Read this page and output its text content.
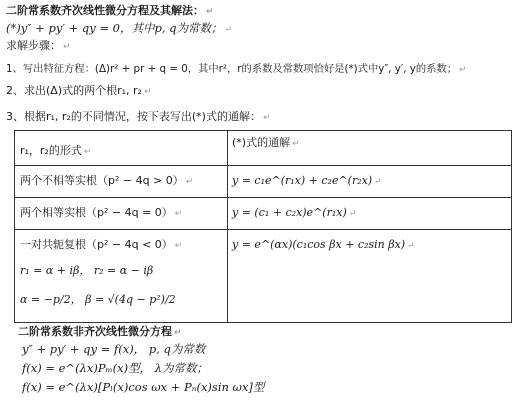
二阶常系数齐次线性微分方程及其解法： ↵
(*)y″ + py′ + qy = 0，其中p, q为常数； ↵
求解步骤： ↵
1、写出特征方程：(Δ)r² + pr + q = 0，其中r²，r的系数及常数项恰好是(*)式中y″, y′, y的系数； ↵
2、求出(Δ)式的两个根r₁, r₂ ↵
3、根据r₁, r₂的不同情况，按下表写出(*)式的通解： ↵
r₁，r₂的形式 ↵
(*)式的通解 ↵
两个不相等实根（p² − 4q > 0） ↵	y = c₁e^(r₁x) + c₂e^(r₂x) ↵
两个相等实根（p² − 4q = 0） ↵	y = (c₁ + c₂x)e^(r₁x) ↵
一对共轭复根（p² − 4q < 0） ↵
r₁ = α + iβ， r₂ = α − iβ
α = −p/2， β = √(4q − p²)/2
y = e^(αx)(c₁cos βx + c₂sin βx) ↵
二阶常系数非齐次线性微分方程 ↵
y″ + py′ + qy = f(x)， p, q为常数
f(x) = e^(λx)Pₘ(x)型， λ为常数；
f(x) = e^(λx)[Pₗ(x)cos ωx + Pₙ(x)sin ωx]型
